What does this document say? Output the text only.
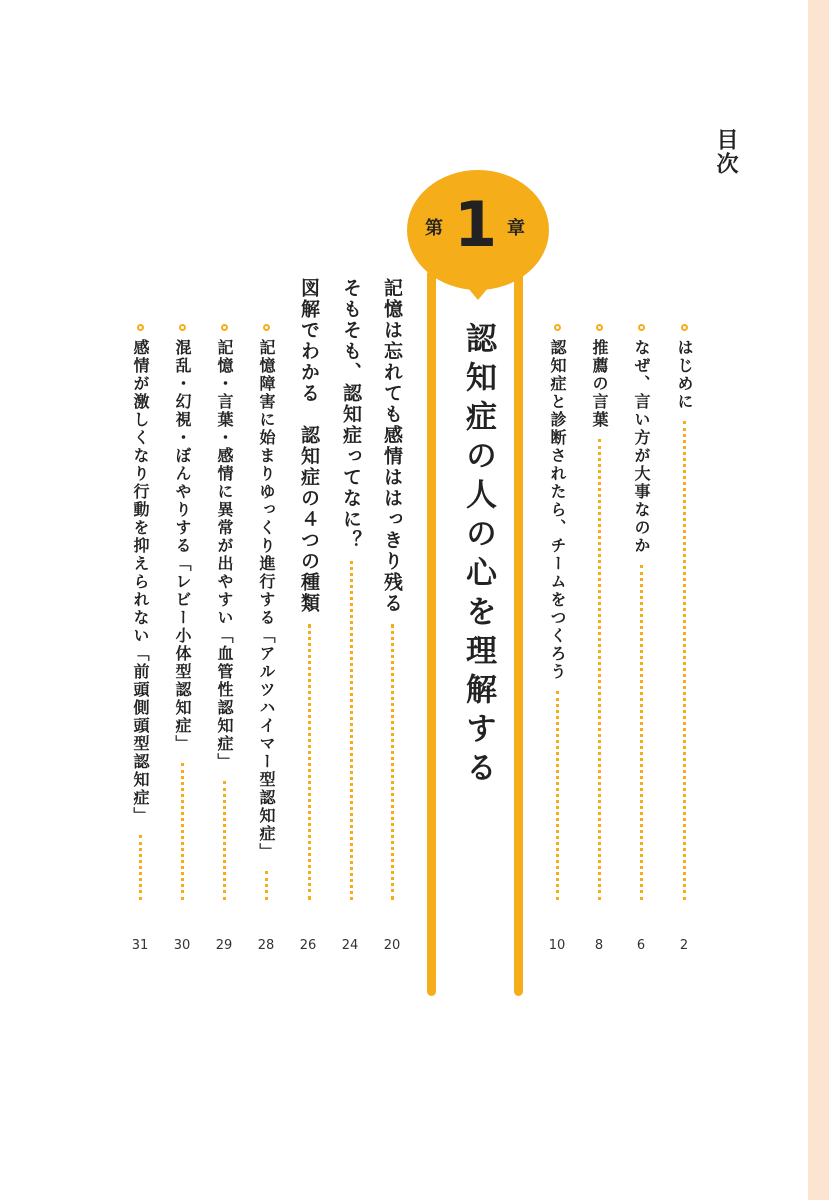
目次
はじめに
2
なぜ、言い方が大事なのか
6
推薦の言葉
8
認知症と診断されたら、チームをつくろう
10
第 1 章
認知症の人の心を理解する
記憶は忘れても感情ははっきり残る
20
そもそも、認知症ってなに？
24
図解でわかる　認知症の４つの種類
26
記憶障害に始まりゆっくり進行する「アルツハイマー型認知症」
28
記憶・言葉・感情に異常が出やすい「血管性認知症」
29
混乱・幻視・ぼんやりする「レビー小体型認知症」
30
感情が激しくなり行動を抑えられない「前頭側頭型認知症」
31
